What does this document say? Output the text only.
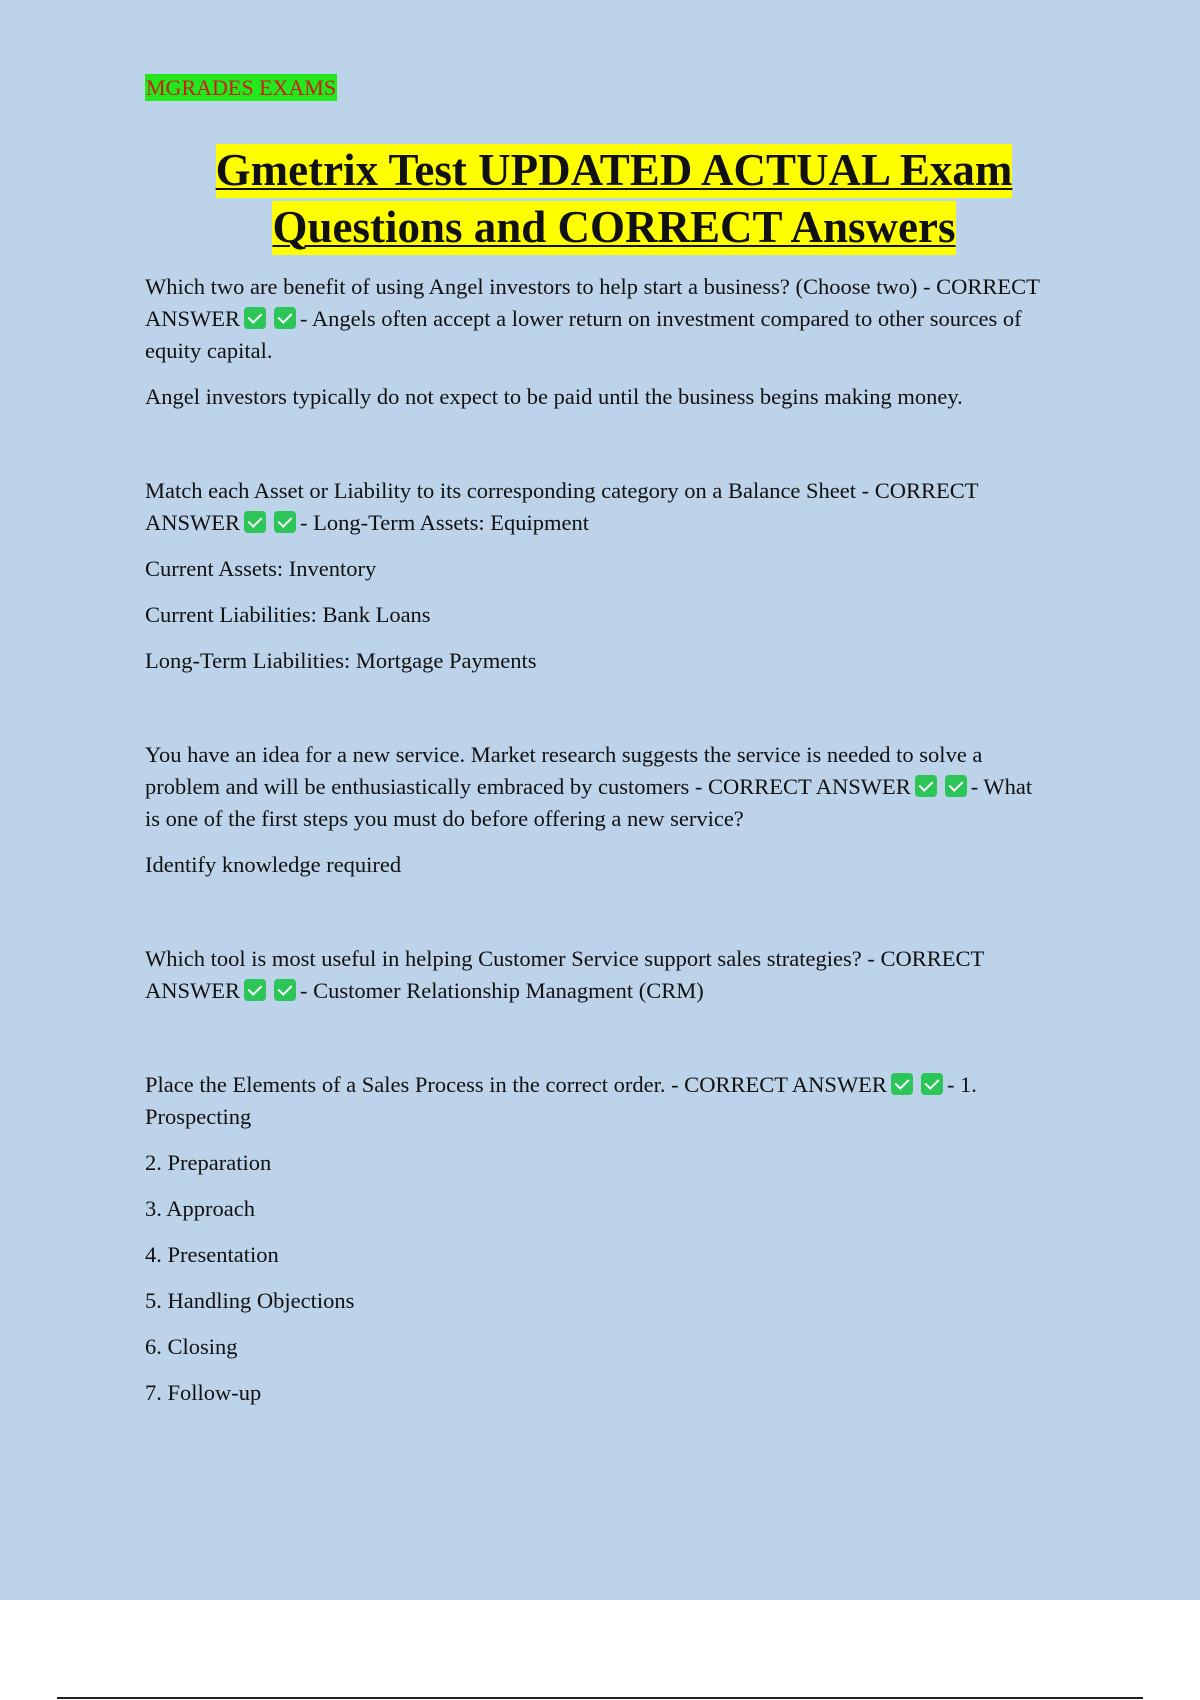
MGRADES EXAMS
Gmetrix Test UPDATED ACTUAL Exam
Questions and CORRECT Answers

Which two are benefit of using Angel investors to help start a business? (Choose two) - CORRECT ANSWER	- Angels often accept a lower return on investment compared to other sources of equity capital.

Angel investors typically do not expect to be paid until the business begins making money.

Match each Asset or Liability to its corresponding category on a Balance Sheet - CORRECT ANSWER	- Long-Term Assets: Equipment

Current Assets: Inventory

Current Liabilities: Bank Loans

Long-Term Liabilities: Mortgage Payments

You have an idea for a new service. Market research suggests the service is needed to solve a problem and will be enthusiastically embraced by customers - CORRECT ANSWER	- What is one of the first steps you must do before offering a new service?

Identify knowledge required

Which tool is most useful in helping Customer Service support sales strategies? - CORRECT ANSWER	- Customer Relationship Managment (CRM)

Place the Elements of a Sales Process in the correct order. - CORRECT ANSWER	- 1. Prospecting

2. Preparation

3. Approach

4. Presentation

5. Handling Objections

6. Closing

7. Follow-up
